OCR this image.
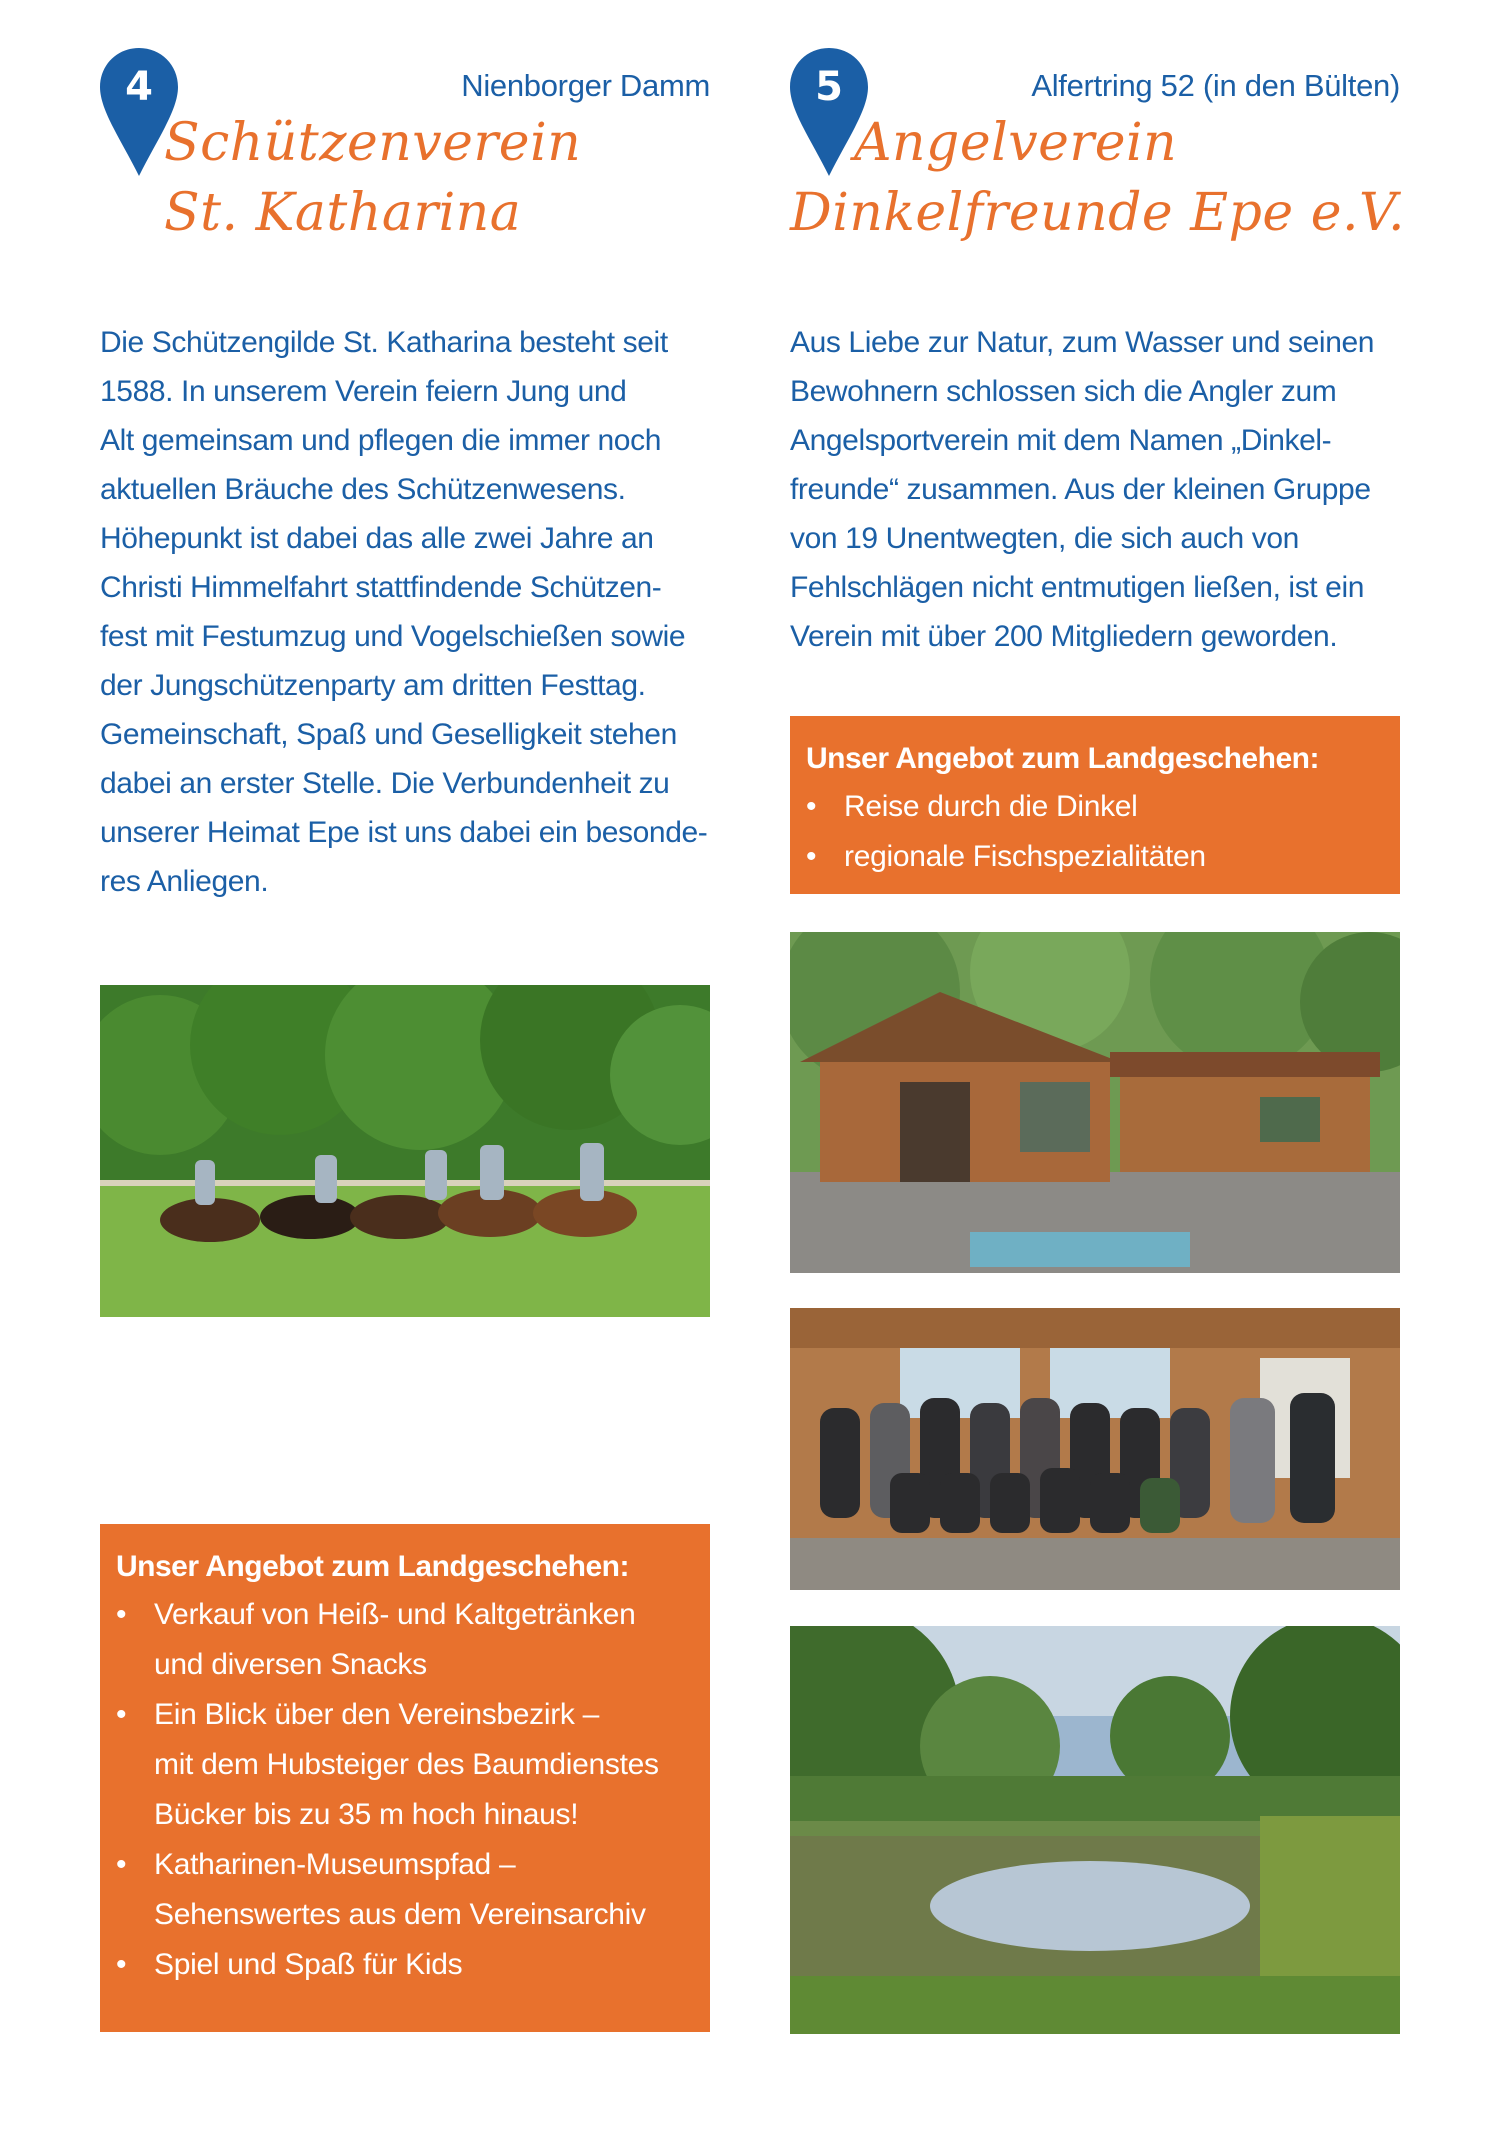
4	Nienborger Damm
Schützenverein
St. Katharina

Die Schützengilde St. Katharina besteht seit
1588. In unserem Verein feiern Jung und
Alt gemeinsam und pflegen die immer noch
aktuellen Bräuche des Schützenwesens.
Höhepunkt ist dabei das alle zwei Jahre an
Christi Himmelfahrt stattfindende Schützen-
fest mit Festumzug und Vogelschießen sowie
der Jungschützenparty am dritten Festtag.
Gemeinschaft, Spaß und Geselligkeit stehen
dabei an erster Stelle. Die Verbundenheit zu
unserer Heimat Epe ist uns dabei ein besonde-
res Anliegen.

Unser Angebot zum Landgeschehen:
• Verkauf von Heiß- und Kaltgetränken
und diversen Snacks
• Ein Blick über den Vereinsbezirk –
mit dem Hubsteiger des Baumdienstes
Bücker bis zu 35 m hoch hinaus!
• Katharinen-Museumspfad –
Sehenswertes aus dem Vereinsarchiv
• Spiel und Spaß für Kids
5	Alfertring 52 (in den Bülten)
Angelverein
Dinkelfreunde Epe e.V.

Aus Liebe zur Natur, zum Wasser und seinen
Bewohnern schlossen sich die Angler zum
Angelsportverein mit dem Namen „Dinkel-
freunde“ zusammen. Aus der kleinen Gruppe
von 19 Unentwegten, die sich auch von
Fehlschlägen nicht entmutigen ließen, ist ein
Verein mit über 200 Mitgliedern geworden.

Unser Angebot zum Landgeschehen:
• Reise durch die Dinkel
• regionale Fischspezialitäten
